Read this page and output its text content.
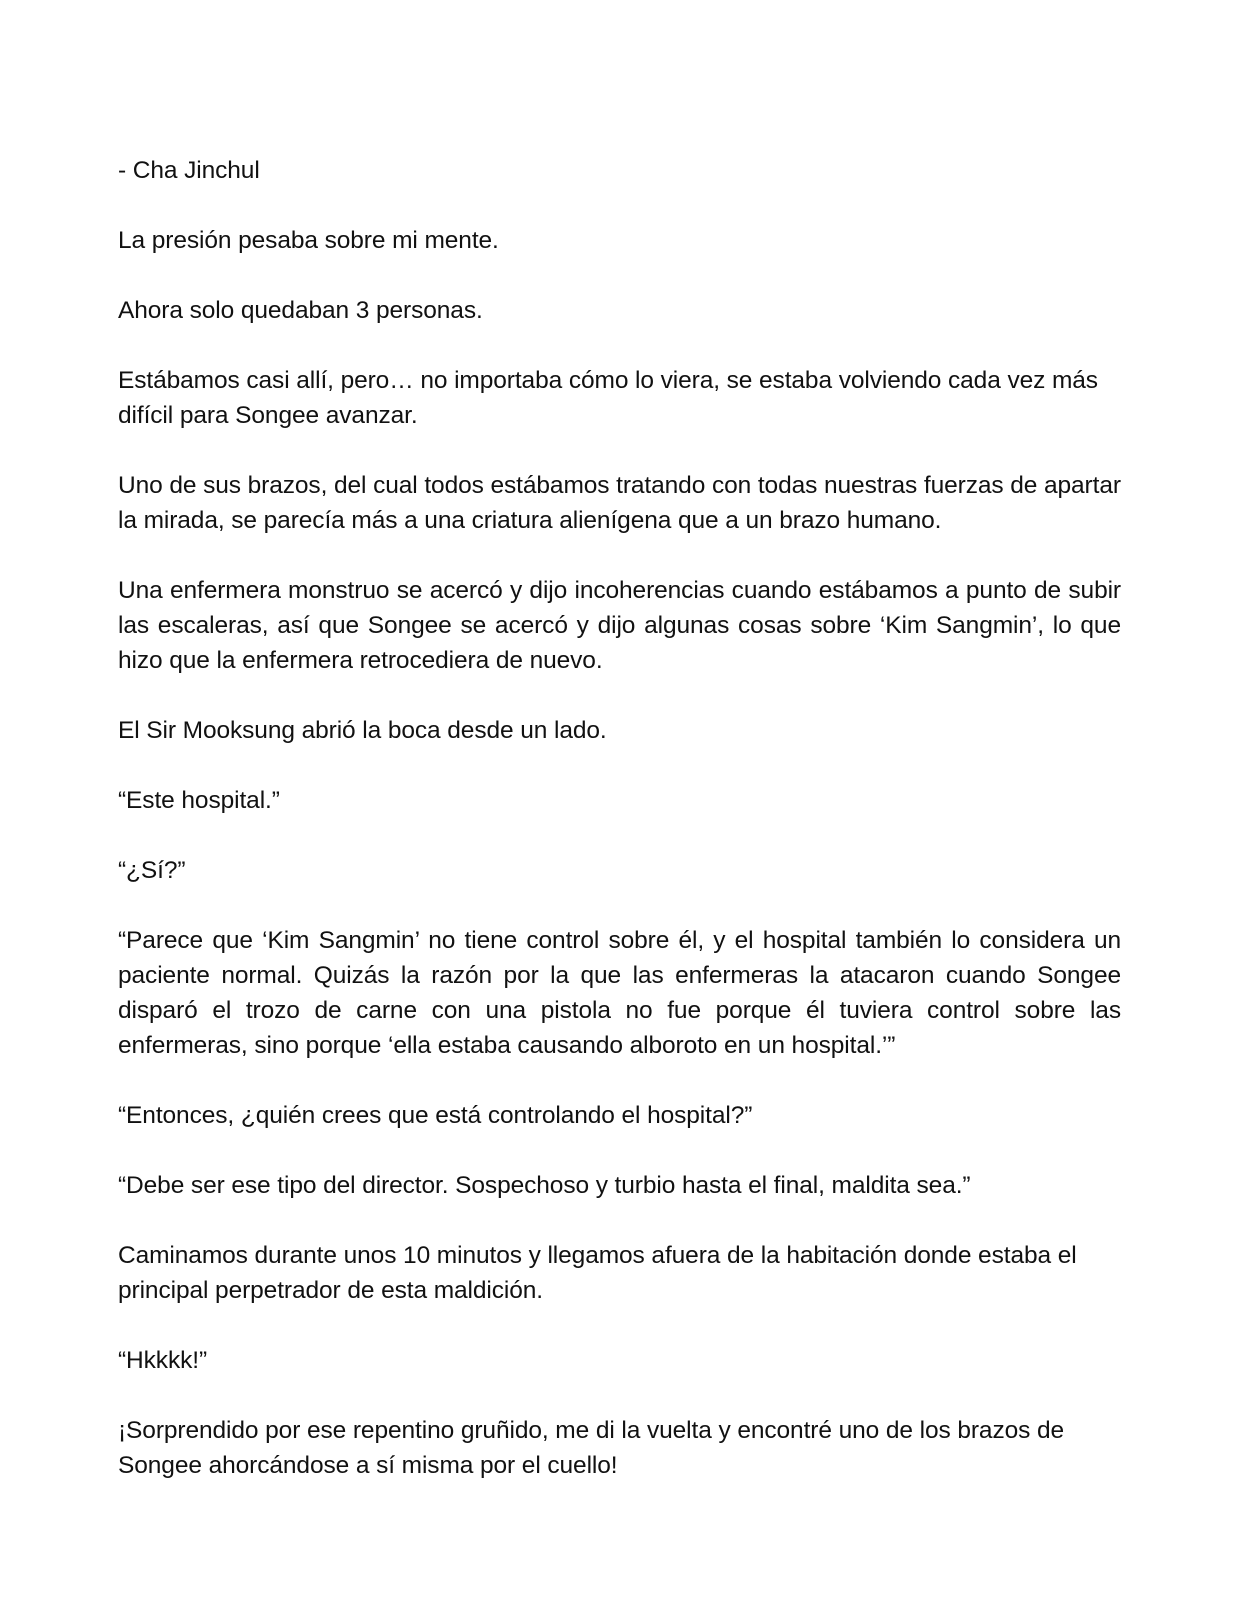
- Cha Jinchul

La presión pesaba sobre mi mente.

Ahora solo quedaban 3 personas.

Estábamos casi allí, pero… no importaba cómo lo viera, se estaba volviendo cada vez más difícil para Songee avanzar.

Uno de sus brazos, del cual todos estábamos tratando con todas nuestras fuerzas de apartar la mirada, se parecía más a una criatura alienígena que a un brazo humano.

Una enfermera monstruo se acercó y dijo incoherencias cuando estábamos a punto de subir las escaleras, así que Songee se acercó y dijo algunas cosas sobre ‘Kim Sangmin’, lo que hizo que la enfermera retrocediera de nuevo.

El Sir Mooksung abrió la boca desde un lado.

“Este hospital.”

“¿Sí?”

“Parece que ‘Kim Sangmin’ no tiene control sobre él, y el hospital también lo considera un paciente normal. Quizás la razón por la que las enfermeras la atacaron cuando Songee disparó el trozo de carne con una pistola no fue porque él tuviera control sobre las enfermeras, sino porque ‘ella estaba causando alboroto en un hospital.’”

“Entonces, ¿quién crees que está controlando el hospital?”

“Debe ser ese tipo del director. Sospechoso y turbio hasta el final, maldita sea.”

Caminamos durante unos 10 minutos y llegamos afuera de la habitación donde estaba el principal perpetrador de esta maldición.

“Hkkkk!”

¡Sorprendido por ese repentino gruñido, me di la vuelta y encontré uno de los brazos de Songee ahorcándose a sí misma por el cuello!
